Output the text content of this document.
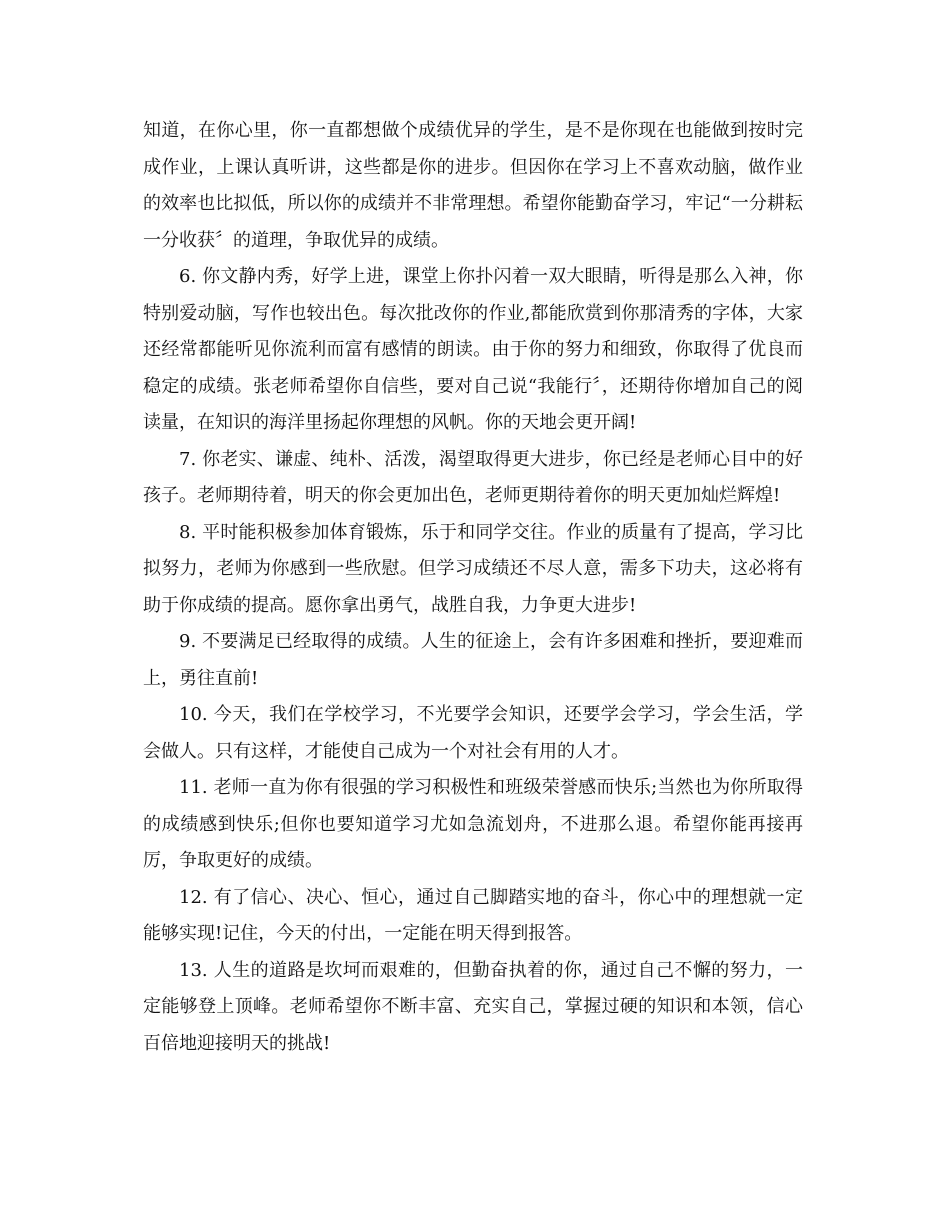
知道，在你心里，你一直都想做个成绩优异的学生，是不是你现在也能做到按时完成作业，上课认真听讲，这些都是你的进步。但因你在学习上不喜欢动脑，做作业的效率也比拟低，所以你的成绩并不非常理想。希望你能勤奋学习，牢记“一分耕耘一分收获〞的道理，争取优异的成绩。

6. 你文静内秀，好学上进，课堂上你扑闪着一双大眼睛，听得是那么入神，你特别爱动脑，写作也较出色。每次批改你的作业,都能欣赏到你那清秀的字体，大家还经常都能听见你流利而富有感情的朗读。由于你的努力和细致，你取得了优良而稳定的成绩。张老师希望你自信些，要对自己说“我能行〞，还期待你增加自己的阅读量，在知识的海洋里扬起你理想的风帆。你的天地会更开阔!

7. 你老实、谦虚、纯朴、活泼，渴望取得更大进步，你已经是老师心目中的好孩子。老师期待着，明天的你会更加出色，老师更期待着你的明天更加灿烂辉煌!

8. 平时能积极参加体育锻炼，乐于和同学交往。作业的质量有了提高，学习比拟努力，老师为你感到一些欣慰。但学习成绩还不尽人意，需多下功夫，这必将有助于你成绩的提高。愿你拿出勇气，战胜自我，力争更大进步!

9. 不要满足已经取得的成绩。人生的征途上，会有许多困难和挫折，要迎难而上，勇往直前!

10. 今天，我们在学校学习，不光要学会知识，还要学会学习，学会生活，学会做人。只有这样，才能使自己成为一个对社会有用的人才。

11. 老师一直为你有很强的学习积极性和班级荣誉感而快乐;当然也为你所取得的成绩感到快乐;但你也要知道学习尤如急流划舟，不进那么退。希望你能再接再厉，争取更好的成绩。

12. 有了信心、决心、恒心，通过自己脚踏实地的奋斗，你心中的理想就一定能够实现!记住，今天的付出，一定能在明天得到报答。

13. 人生的道路是坎坷而艰难的，但勤奋执着的你，通过自己不懈的努力，一定能够登上顶峰。老师希望你不断丰富、充实自己，掌握过硬的知识和本领，信心百倍地迎接明天的挑战!
